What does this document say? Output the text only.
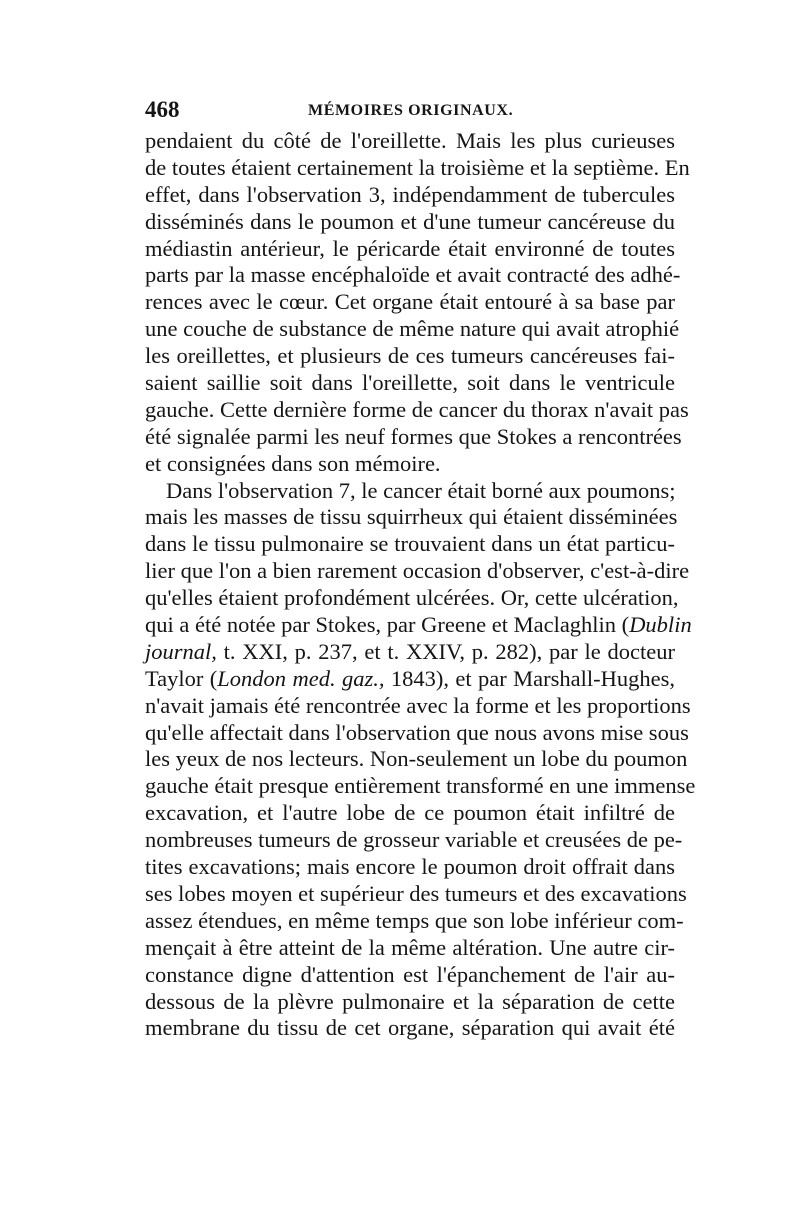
468	MÉMOIRES ORIGINAUX.
pendaient du côté de l'oreillette. Mais les plus curieuses
de toutes étaient certainement la troisième et la septième. En
effet, dans l'observation 3, indépendamment de tubercules
disséminés dans le poumon et d'une tumeur cancéreuse du
médiastin antérieur, le péricarde était environné de toutes
parts par la masse encéphaloïde et avait contracté des adhé-
rences avec le cœur. Cet organe était entouré à sa base par
une couche de substance de même nature qui avait atrophié
les oreillettes, et plusieurs de ces tumeurs cancéreuses fai-
saient saillie soit dans l'oreillette, soit dans le ventricule
gauche. Cette dernière forme de cancer du thorax n'avait pas
été signalée parmi les neuf formes que Stokes a rencontrées
et consignées dans son mémoire.
Dans l'observation 7, le cancer était borné aux poumons;
mais les masses de tissu squirrheux qui étaient disséminées
dans le tissu pulmonaire se trouvaient dans un état particu-
lier que l'on a bien rarement occasion d'observer, c'est-à-dire
qu'elles étaient profondément ulcérées. Or, cette ulcération,
qui a été notée par Stokes, par Greene et Maclaghlin (Dublin
journal, t. XXI, p. 237, et t. XXIV, p. 282), par le docteur
Taylor (London med. gaz., 1843), et par Marshall-Hughes,
n'avait jamais été rencontrée avec la forme et les proportions
qu'elle affectait dans l'observation que nous avons mise sous
les yeux de nos lecteurs. Non-seulement un lobe du poumon
gauche était presque entièrement transformé en une immense
excavation, et l'autre lobe de ce poumon était infiltré de
nombreuses tumeurs de grosseur variable et creusées de pe-
tites excavations; mais encore le poumon droit offrait dans
ses lobes moyen et supérieur des tumeurs et des excavations
assez étendues, en même temps que son lobe inférieur com-
mençait à être atteint de la même altération. Une autre cir-
constance digne d'attention est l'épanchement de l'air au-
dessous de la plèvre pulmonaire et la séparation de cette
membrane du tissu de cet organe, séparation qui avait été
